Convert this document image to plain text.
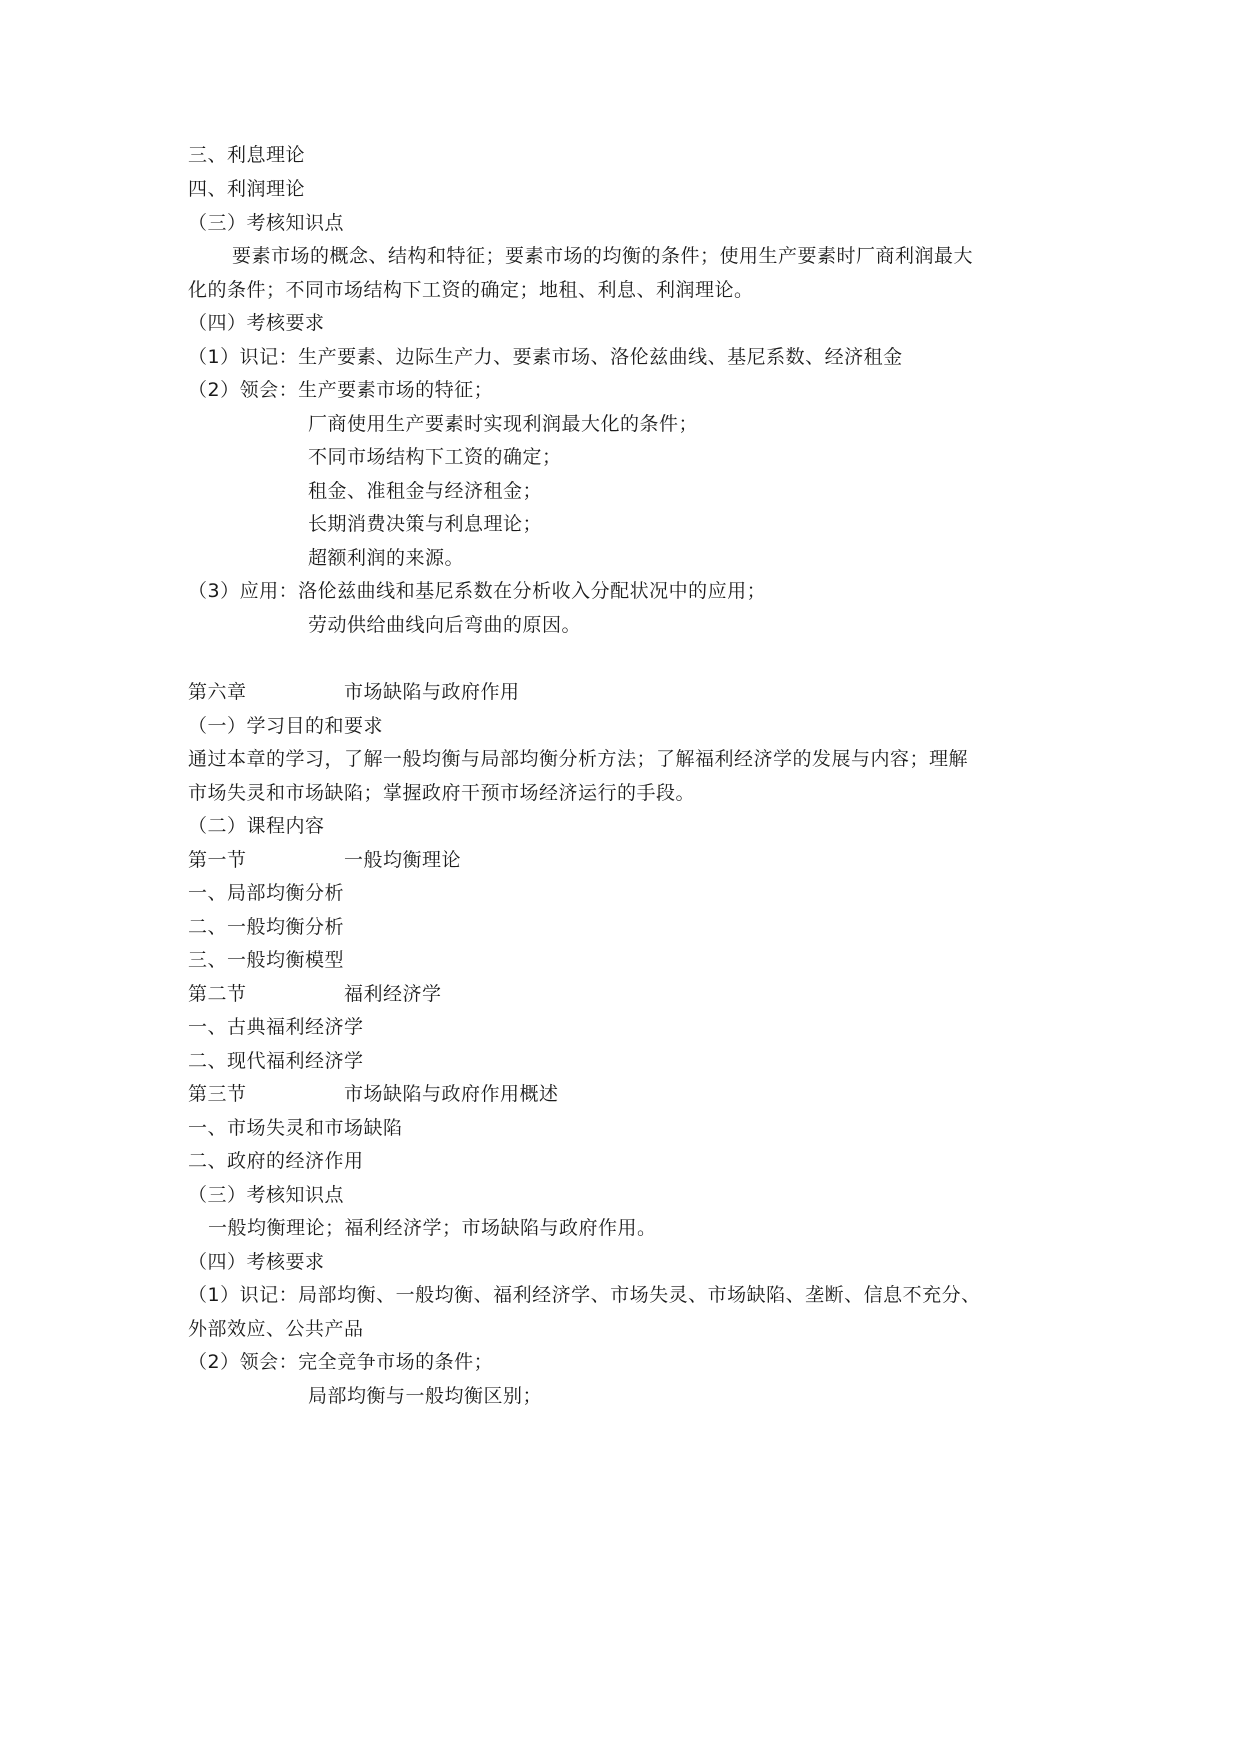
三、利息理论
四、利润理论
（三）考核知识点
要素市场的概念、结构和特征；要素市场的均衡的条件；使用生产要素时厂商利润最大
化的条件；不同市场结构下工资的确定；地租、利息、利润理论。
（四）考核要求
（1）识记：生产要素、边际生产力、要素市场、洛伦兹曲线、基尼系数、经济租金
（2）领会：生产要素市场的特征；
厂商使用生产要素时实现利润最大化的条件；
不同市场结构下工资的确定；
租金、准租金与经济租金；
长期消费决策与利息理论；
超额利润的来源。
（3）应用：洛伦兹曲线和基尼系数在分析收入分配状况中的应用；
劳动供给曲线向后弯曲的原因。
第六章	市场缺陷与政府作用
（一）学习目的和要求
通过本章的学习，了解一般均衡与局部均衡分析方法；了解福利经济学的发展与内容；理解
市场失灵和市场缺陷；掌握政府干预市场经济运行的手段。
（二）课程内容
第一节	一般均衡理论
一、局部均衡分析
二、一般均衡分析
三、一般均衡模型
第二节	福利经济学
一、古典福利经济学
二、现代福利经济学
第三节	市场缺陷与政府作用概述
一、市场失灵和市场缺陷
二、政府的经济作用
（三）考核知识点
一般均衡理论；福利经济学；市场缺陷与政府作用。
（四）考核要求
（1）识记：局部均衡、一般均衡、福利经济学、市场失灵、市场缺陷、垄断、信息不充分、
外部效应、公共产品
（2）领会：完全竞争市场的条件；
局部均衡与一般均衡区别；
